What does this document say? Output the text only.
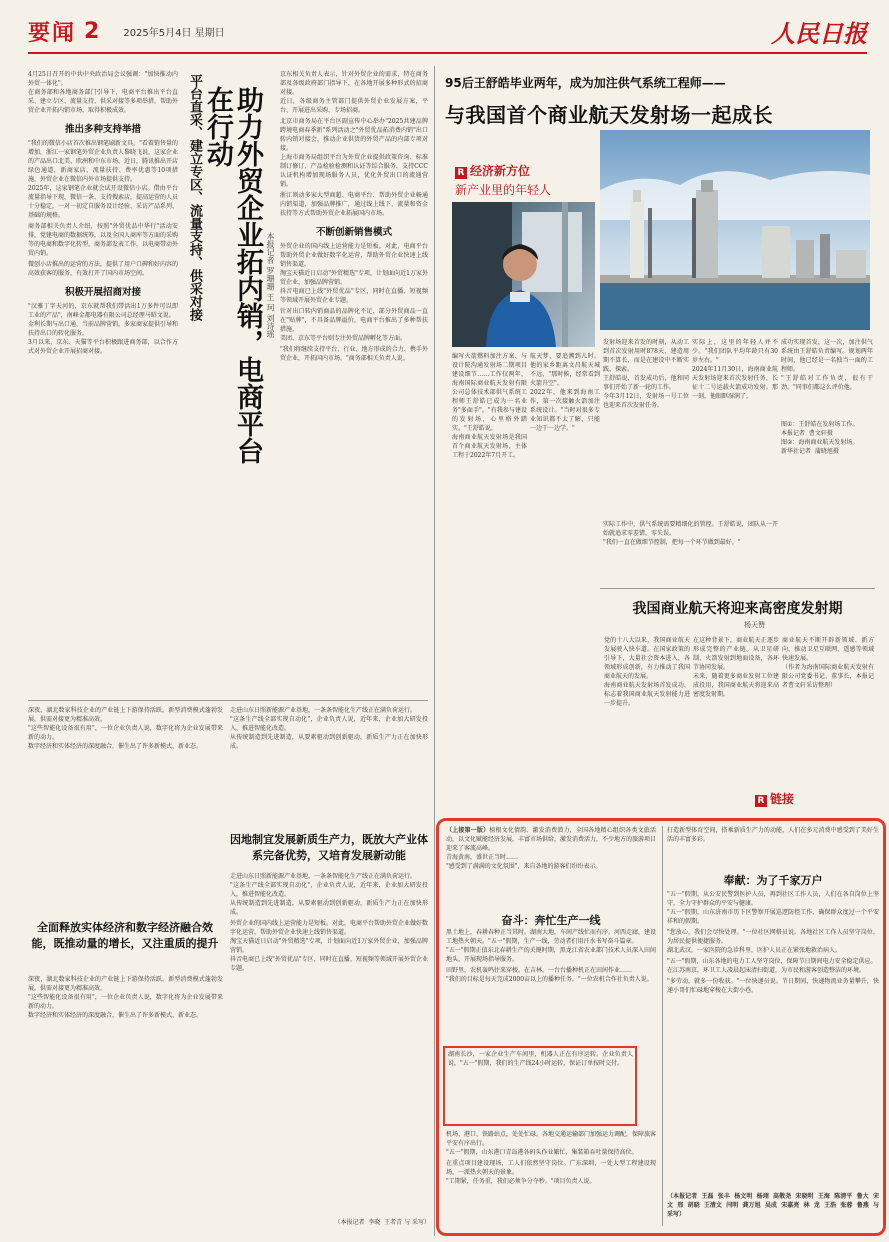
要闻 2 2025年5月4日 星期日	人民日报
助力外贸企业拓内销，电商平台在行动
平台直采、建立专区、流量支持、供采对接	本报记者 罗珊珊 王 珂 刘诗瑶
4月25日召开的中共中央政治局会议强调："加快推动内外贸一体化"。
在商务部和各地商务部门引导下，电商平台推出平台直采、建立专区、流量支持、供采对接等多项举措，帮助外贸企业开拓内销市场，取得积极成效。
推出多种支持举措
"我们的微信小店首次推出钢笔刷新文具。"看着销售量的增加，浙江一家钢笔外贸企业负责人黎晓飞说，这家企业的产品出口北美、欧洲和中东市场。近日，腾讯推出开店绿色通道，新商家店、流量扶持、费率优惠等10项措施，外贸企业在微信内外市场提供支持。
2025年，这家钢笔企业就会试开设微信小店。借由平台流量指导下现，微信一条、支持搜索店，提高运营的人员十分稳定，一对一初定自服务设计经验、采访产品系列、基础的规格。
商务部相关负责人介绍，按照"外贸优品中华行"活动安排，党建电商的数据统筹，以及全国人商库等方面的采购等的电商和数字化转型，商务部发表工作，以电商带动外贸内销。
微创小店推出的运营的方法，提供了用户口碑和好内容的高效获客的服务，有效打开了国内市场空间。
积极开展招商对接
"汉雅丁字天河的，京东就帮我们带活出1万多件可以即工业的产品"，南峰金都电器有限公司总经理马昭文说。
金利长期与出口通，当前品牌营销，多家商家提供引导和扶持出口的转化服务。
3月以来，京东、天猫等平台积极跟进商务部，以合作方式对外贸企业开展招商对接。
京东相关负责人表示，针对外贸企业的需求，特在商务部及各级政府部门指导下，在各地开展多种形式的招商对接。
近日，各级商务主管部门提供外贸企业发展方案，平台、开展进出采购、专场招商。
北京市商务局在平台区副宣传中心举办"2025共建品牌跨境电商春季新"系列活动之"外贸优品拓消费内销"出口转内销对接会，推动企业供货的外贸产品的内部专项对接。
上海市商务局组织平台为外贸企业提供政策咨询、标准制订修订、产品检验检测和认证等综合服务，支持CCC认证机构增加现场服务人员，优化外贸出口的流通营销。
浙江则动多家大型商超、电商平台、帮助外贸企业畅通内销渠道，加强品牌推广，通过线上线下、流量和资金扶持等方式帮助外贸企业拓展国内市场。
不断创新销售模式
外贸企业的国内线上运营能力是短板。对此，电商平台帮助外贸企业做好数字化运营，帮助外贸企业快速上线销售渠道。
淘宝天猫近日启动"外贸精选"专项，计划面向近1万家外贸企业，加强品牌营销。
抖音电商已上线"外贸优品"专区，同时在直播、短视频等领域开展外贸企业专题。
针对出口转内销商品的品牌化不足，部分外贸商品一直在"贴牌"，不具备品牌溢价，电商平台推出了多种帮扶措施。
美团、京东等平台则专注外贸品牌孵化等方面。
"我们将继续支持平台、行业、地方形成的合力，携手外贸企业，开拓国内市场。"商务部相关负责人说。
深夜，湖北数家科技企业的产业链上下游保持活跃。新型消费模式蓬勃发展，供需对接更为精准高效。
"这些智能化设备很有用"，一位企业负责人说，数字化将为企业发展带来新的动力。
数字经济和实体经济的深度融合，催生出了许多新模式、新业态。
全面释放实体经济和数字经济融合效能，既推动量的增长，又注重质的提升
深夜，湖北数家科技企业的产业链上下游保持活跃。新型消费模式蓬勃发展，供需对接更为精准高效。
"这些智能化设备很有用"，一位企业负责人说，数字化将为企业发展带来新的动力。
数字经济和实体经济的深度融合，催生出了许多新模式、新业态。
走进山东日照新能源产业基地，一条条智能化生产线正在满负荷运行。
"这条生产线全部实现自动化"，企业负责人说，近年来，企业加大研发投入，推进智能化改造。
从传统制造到先进制造，从要素驱动到创新驱动，新质生产力正在加快形成。
因地制宜发展新质生产力，既放大产业体系完备优势，又培育发展新动能
走进山东日照新能源产业基地，一条条智能化生产线正在满负荷运行。
"这条生产线全部实现自动化"，企业负责人说，近年来，企业加大研发投入，推进智能化改造。
从传统制造到先进制造，从要素驱动到创新驱动，新质生产力正在加快形成。
外贸企业的国内线上运营能力是短板。对此，电商平台帮助外贸企业做好数字化运营，帮助外贸企业快速上线销售渠道。
淘宝天猫近日启动"外贸精选"专项，计划面向近1万家外贸企业，加强品牌营销。
抖音电商已上线"外贸优品"专区，同时在直播、短视频等领域开展外贸企业专题。
（本报记者  李晓  王者青 与 采写）
95后王舒皓毕业两年，成为加注供气系统工程师——
与我国首个商业航天发射场一起成长
R 经济新方位
新产业里的年轻人
编写火箭燃料加注方案、与设计院沟通发射场二期项目建设细节……工作仅两年，海南国际商业航天发射有限公司总体技术部供气系统工程师王舒皓已成为一名业务"多面手"。"有我参与建设的发射场，心里格外踏实。"王舒皓说。
海南商业航天发射场是我国首个商业航天发射场，主体工程于2022年7月开工。
航天梦，要追溯到儿时。他的家乡距离文昌航天城不远，"那时候，经常看到火箭升空"。
2022年，他来到海南工作，第一次接触火箭加注系统设计。"当时对很多专业知识都不太了解，只能一边干一边学。"
发射场迎来首发的时刻，从动工到首次发射用时878天，建造周期不算长，而是在建设中不断实践、探索。
王舒皓说，首发成功后，他和同事们开始了新一轮的工作。
今年3月12日，发射场一号工位也迎来首次发射任务。
实际上，这里的年轻人并不少。"我们团队平均年龄只有30岁左右。"
2024年11月30日，海南商业航天发射场迎来首次发射任务，长征十二号运载火箭成功发射。那一刻，他眼眶湿润了。
成功实现首发，这一次，加注供气系统由王舒皓负责编写。规划两年时间，他已经是一名独当一面的工程师。
"王舒皓对工作负责，很有干劲。"同事们都这么评价他。
图①：王舒皓在发射场工作。
本报记者  曹文轩摄
图②：海南商业航天发射场。
新华社记者  蒲晓旭摄
实际工作中，供气系统需要精细化的管控。王舒皓说，团队从一开始就追求零差错，零失误。
"我们一直在做细节控制，把每一个环节做到最好。"
我国商业航天将迎来高密度发射期
杨天赞
党的十八大以来，我国商业航天发展驶入快车道。在国家政策的引导下，大量社会资本进入，各领域形成创新，有力推动了我国商业航天的发展。
海南商业航天发射场首发成功，标志着我国商业航天发射能力进一步提升。
在这种背景下，商业航天正逐步形成完整的产业链。从卫星研制、火箭发射到地面设备，各环节协同发展。
未来，随着更多商业发射工位建成投用，我国商业航天将迎来高密度发射期。
商业航天不断开辟新领域、新方向，推动卫星互联网、遥感等领域快速发展。
（作者为海南国际商业航天发射有限公司党委书记、董事长，本报记者曹文轩采访整理）
R 链接
（上接第一版）植根文化情韵、激发消费潜力，全国各地精心组织各类文旅活动，以文化赋能经济发展，丰富市场供给，激发消费活力，不少地方的旅游项目迎来了客流高峰。
青海黄南，盛世正当时……
"感受到了满满的文化氛围"，来自各地的游客们纷纷表示。
奋斗：奔忙生产一线
黑土地上，春耕春种正当其时。湖南大地，车间产线忙而有序。河西走廊，建设工地热火朝天。"五一"假期，生产一线，劳动者们用汗水书写奋斗篇章。
"五一"假期正值东北春耕生产的关键时期，黑龙江省农业部门技术人员深入田间地头，开展现场指导服务。
田野里，农机轰鸣往来穿梭。在吉林，一台台播种机正在田间作业……
"我们的目标是每天完成2000亩以上的播种任务。"一位农机合作社负责人说。
湖南长沙，一家企业生产车间里，机器人正在有序运转。企业负责人说，"五一"假期，我们的生产线24小时运转，保证订单按时交付。
机场、港口、铁路站点，处处忙碌。各地交通运输部门加强运力调配，保障旅客平安有序出行。
"五一"假期，山东港口青岛港各码头作业繁忙，集装箱吞吐量保持高位。
在重点项目建设现场，工人们依然坚守岗位。广东深圳，一处大型工程建设现场，一派热火朝天的景象。
"工期紧，任务重，我们必须争分夺秒。"项目负责人说。
打造新型体育空间，搭乘新质生产力的动能，人们在多元消费中感受到了美好生活的丰富多彩。
奉献：为了千家万户
"五一"假期，从公安民警到医护人员，再到社区工作人员，人们在各自岗位上坚守，全力守护群众的平安与健康。
"五一"假期，山东济南市历下区警察开展巡逻防控工作，确保群众度过一个平安祥和的假期。
"您放心，我们会尽快处理。"一位社区网格员说。各地社区工作人员坚守岗位，为居民提供便捷服务。
湖北武汉，一家医院的急诊科里，医护人员正在紧张地救治病人。
"五一"假期，山东各地的电力工人坚守岗位，保障节日期间电力安全稳定供应。
在江苏南京，环卫工人凌晨起床清扫街道，为市民和游客创造整洁的环境。
"多劳动，就多一份收获。"一位快递员说。节日期间，快递物流业务量攀升，快递小哥们忙碌地穿梭在大街小巷。
（本报记者  王磊  张丰  杨文明  杨翊  高敬尧  宋晓明  王海  陈清平  鲁大  宋文  邢  胡晓  王清文  闫明  龚万旭  吴成  宋嘉亮  林  龙  王浩  张蓉  鲁燕  与  采写）
